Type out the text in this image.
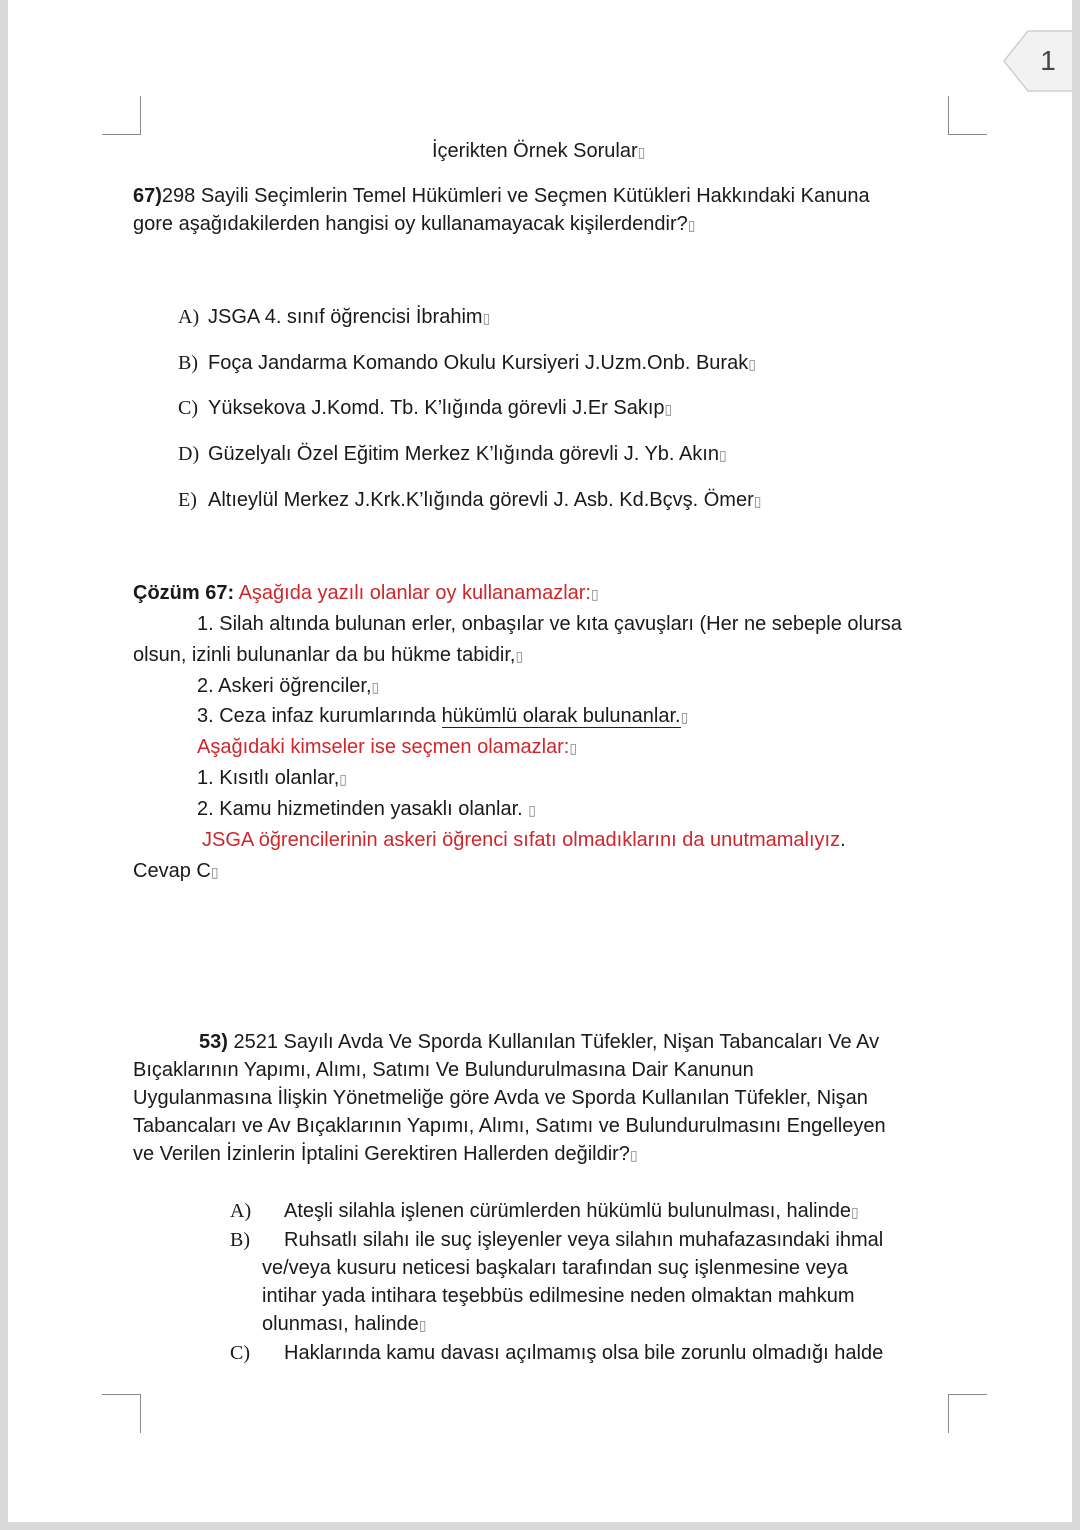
1
İçerikten Örnek Sorular▯
67)298 Sayili Seçimlerin Temel Hükümleri ve Seçmen Kütükleri Hakkındaki Kanuna
gore aşağıdakilerden hangisi oy kullanamayacak kişilerdendir?▯
A) JSGA 4. sınıf öğrencisi İbrahim▯
B) Foça Jandarma Komando Okulu Kursiyeri J.Uzm.Onb. Burak▯
C) Yüksekova J.Komd. Tb. K’lığında görevli J.Er Sakıp▯
D) Güzelyalı Özel Eğitim Merkez K’lığında görevli J. Yb. Akın▯
E) Altıeylül Merkez J.Krk.K’lığında görevli J. Asb. Kd.Bçvş. Ömer▯
Çözüm 67: Aşağıda yazılı olanlar oy kullanamazlar:▯
1. Silah altında bulunan erler, onbaşılar ve kıta çavuşları (Her ne sebeple olursa
olsun, izinli bulunanlar da bu hükme tabidir,▯
2. Askeri öğrenciler,▯
3. Ceza infaz kurumlarında hükümlü olarak bulunanlar.▯
Aşağıdaki kimseler ise seçmen olamazlar:▯
1. Kısıtlı olanlar,▯
2. Kamu hizmetinden yasaklı olanlar. ▯
JSGA öğrencilerinin askeri öğrenci sıfatı olmadıklarını da unutmamalıyız.
Cevap C▯
53) 2521 Sayılı Avda Ve Sporda Kullanılan Tüfekler, Nişan Tabancaları Ve Av
Bıçaklarının Yapımı, Alımı, Satımı Ve Bulundurulmasına Dair Kanunun
Uygulanmasına İlişkin Yönetmeliğe göre Avda ve Sporda Kullanılan Tüfekler, Nişan
Tabancaları ve Av Bıçaklarının Yapımı, Alımı, Satımı ve Bulundurulmasını Engelleyen
ve Verilen İzinlerin İptalini Gerektiren Hallerden değildir?▯
A) Ateşli silahla işlenen cürümlerden hükümlü bulunulması, halinde▯
B) Ruhsatlı silahı ile suç işleyenler veya silahın muhafazasındaki ihmal
ve/veya kusuru neticesi başkaları tarafından suç işlenmesine veya
intihar yada intihara teşebbüs edilmesine neden olmaktan mahkum
olunması, halinde▯
C) Haklarında kamu davası açılmamış olsa bile zorunlu olmadığı halde
